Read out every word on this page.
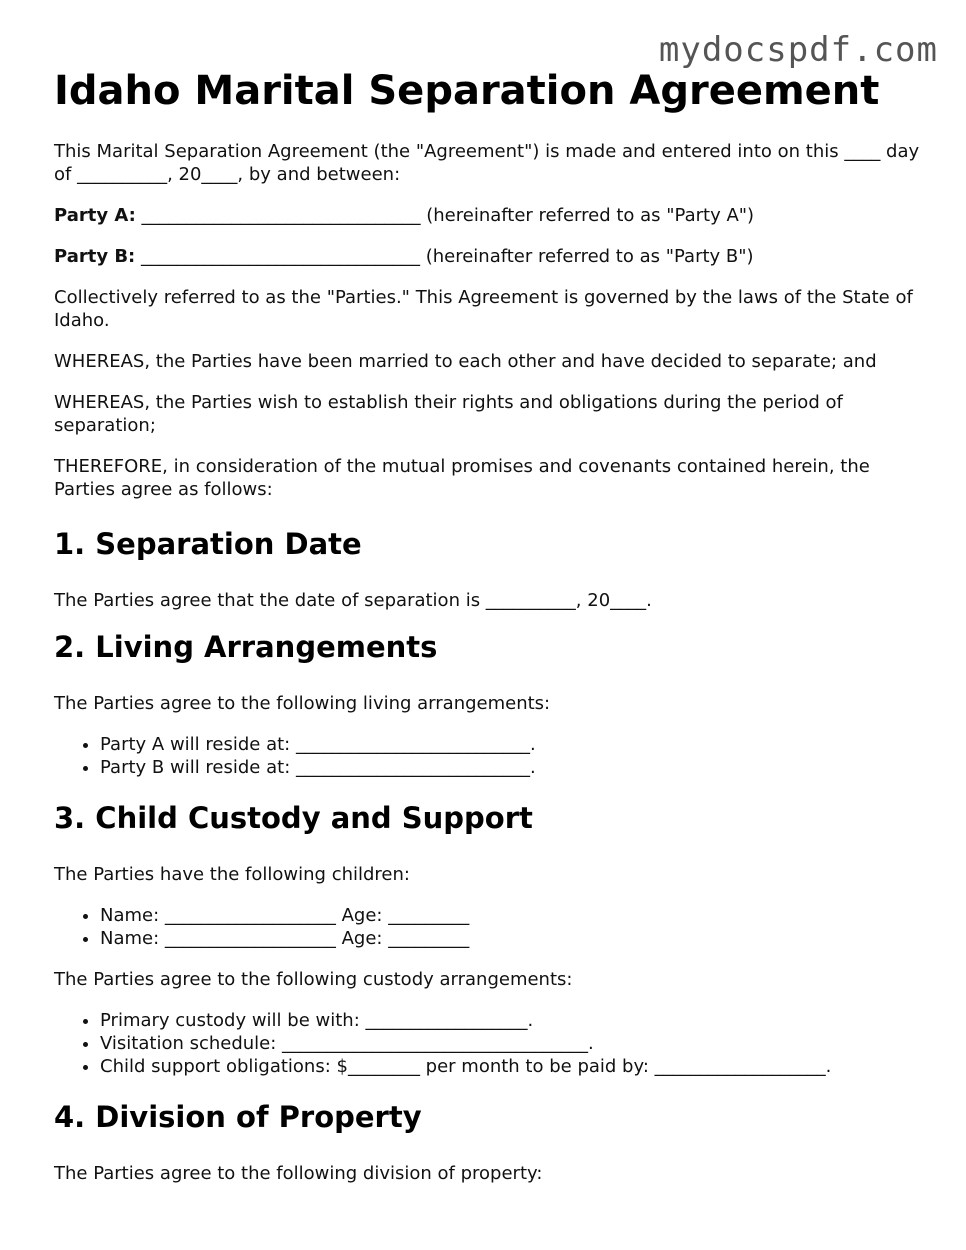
mydocspdf.com
Idaho Marital Separation Agreement

This Marital Separation Agreement (the "Agreement") is made and entered into on this ____ day of __________, 20____, by and between:

Party A: _______________________________ (hereinafter referred to as "Party A")

Party B: _______________________________ (hereinafter referred to as "Party B")

Collectively referred to as the "Parties." This Agreement is governed by the laws of the State of Idaho.

WHEREAS, the Parties have been married to each other and have decided to separate; and

WHEREAS, the Parties wish to establish their rights and obligations during the period of separation;

THEREFORE, in consideration of the mutual promises and covenants contained herein, the Parties agree as follows:

1. Separation Date

The Parties agree that the date of separation is __________, 20____.

2. Living Arrangements

The Parties agree to the following living arrangements:

• Party A will reside at: __________________________.
• Party B will reside at: __________________________.
3. Child Custody and Support

The Parties have the following children:

• Name: ___________________ Age: _________
• Name: ___________________ Age: _________

The Parties agree to the following custody arrangements:

• Primary custody will be with: __________________.
• Visitation schedule: __________________________________.
• Child support obligations: $________ per month to be paid by: ___________________.
4. Division of Property

The Parties agree to the following division of property:
